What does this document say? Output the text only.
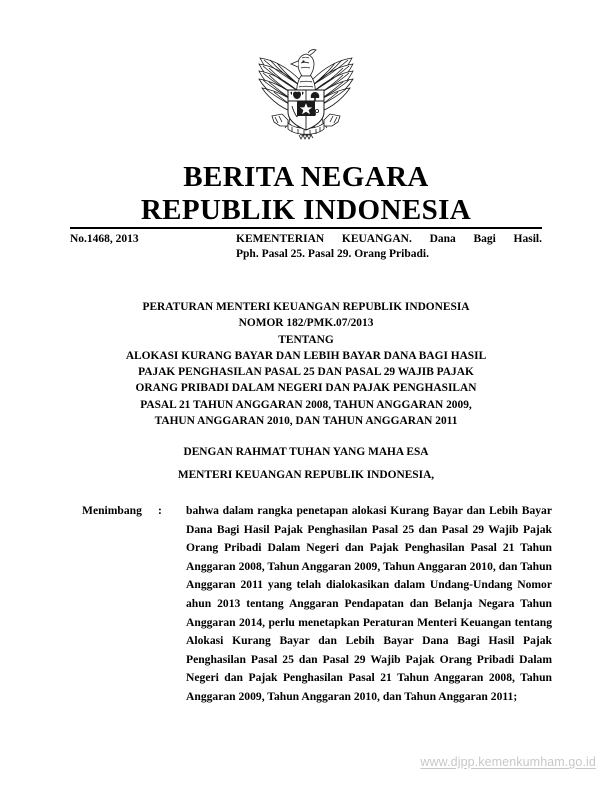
BERITA NEGARA
REPUBLIK INDONESIA
No.1468, 2013	KEMENTERIAN KEUANGAN. Dana Bagi Hasil.
Pph. Pasal 25. Pasal 29. Orang Pribadi.
PERATURAN MENTERI KEUANGAN REPUBLIK INDONESIA
NOMOR 182/PMK.07/2013
TENTANG
ALOKASI KURANG BAYAR DAN LEBIH BAYAR DANA BAGI HASIL
PAJAK PENGHASILAN PASAL 25 DAN PASAL 29 WAJIB PAJAK
ORANG PRIBADI DALAM NEGERI DAN PAJAK PENGHASILAN
PASAL 21 TAHUN ANGGARAN 2008, TAHUN ANGGARAN 2009,
TAHUN ANGGARAN 2010, DAN TAHUN ANGGARAN 2011
DENGAN RAHMAT TUHAN YANG MAHA ESA
MENTERI KEUANGAN REPUBLIK INDONESIA,
Menimbang	:	bahwa dalam rangka penetapan alokasi Kurang Bayar dan Lebih Bayar Dana Bagi Hasil Pajak Penghasilan Pasal 25 dan Pasal 29 Wajib Pajak Orang Pribadi Dalam Negeri dan Pajak Penghasilan Pasal 21 Tahun Anggaran 2008, Tahun Anggaran 2009, Tahun Anggaran 2010, dan Tahun Anggaran 2011 yang telah dialokasikan dalam Undang-Undang Nomor ahun 2013 tentang Anggaran Pendapatan dan Belanja Negara Tahun Anggaran 2014, perlu menetapkan Peraturan Menteri Keuangan tentang Alokasi Kurang Bayar dan Lebih Bayar Dana Bagi Hasil Pajak Penghasilan Pasal 25 dan Pasal 29 Wajib Pajak Orang Pribadi Dalam Negeri dan Pajak Penghasilan Pasal 21 Tahun Anggaran 2008, Tahun Anggaran 2009, Tahun Anggaran 2010, dan Tahun Anggaran 2011;
www.djpp.kemenkumham.go.id
